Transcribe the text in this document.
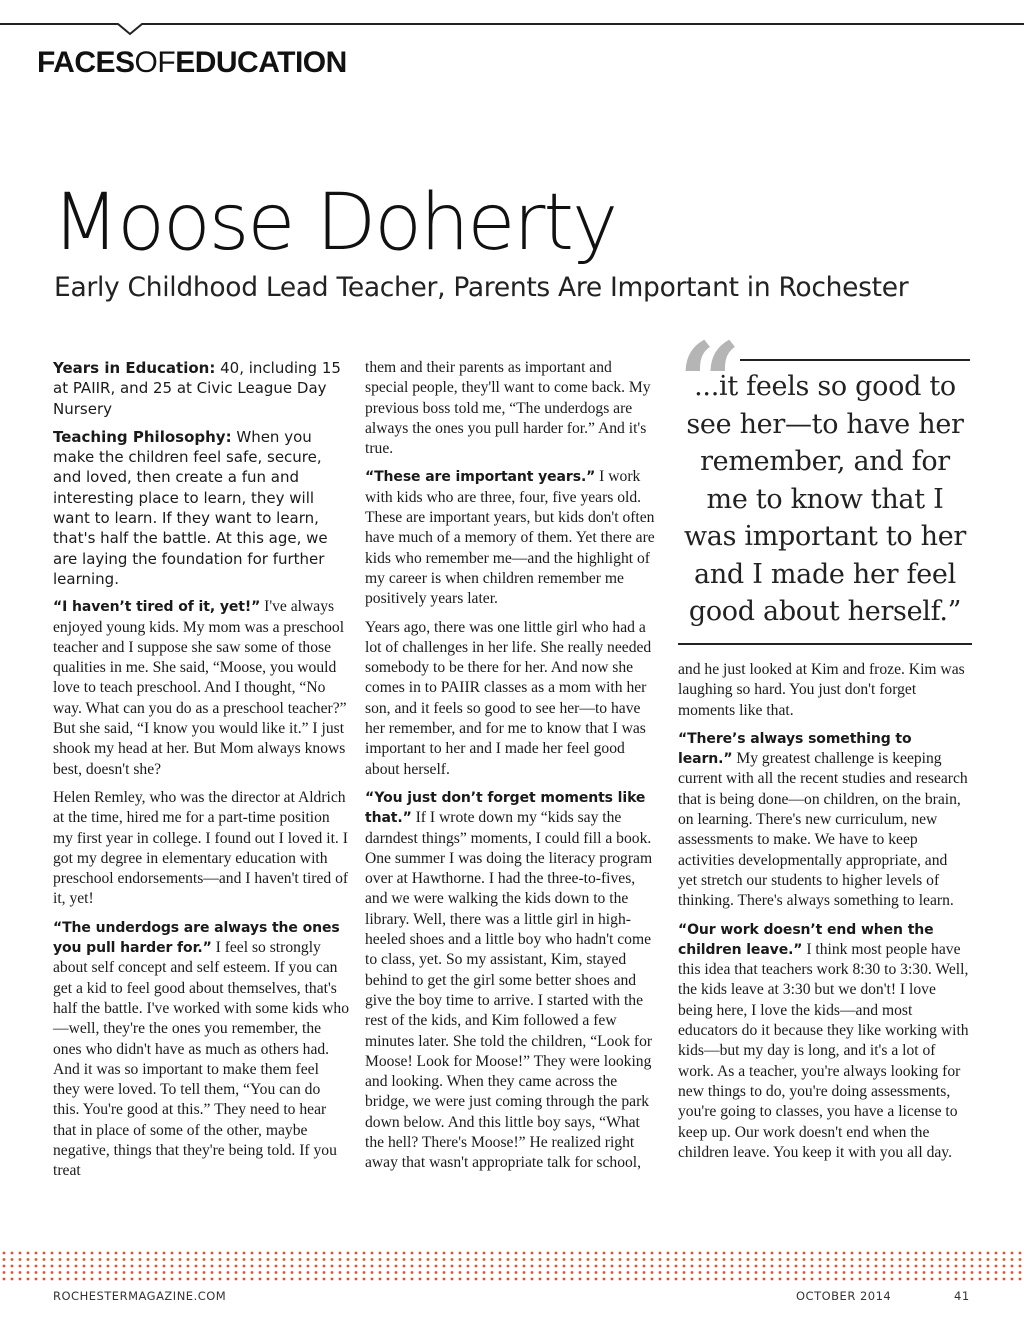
FACESOFEDUCATION
Moose Doherty
Early Childhood Lead Teacher, Parents Are Important in Rochester

Years in Education: 40, including 15 at PAIIR, and 25 at Civic League Day Nursery

Teaching Philosophy: When you make the children feel safe, secure, and loved, then create a fun and interesting place to learn, they will want to learn. If they want to learn, that's half the battle. At this age, we are laying the foundation for further learning.

“I haven’t tired of it, yet!” I've always enjoyed young kids. My mom was a preschool teacher and I suppose she saw some of those qualities in me. She said, “Moose, you would love to teach preschool. And I thought, “No way. What can you do as a preschool teacher?” But she said, “I know you would like it.” I just shook my head at her. But Mom always knows best, doesn't she?

Helen Remley, who was the director at Aldrich at the time, hired me for a part-time position my first year in college. I found out I loved it. I got my degree in elementary education with preschool endorsements—and I haven't tired of it, yet!

“The underdogs are always the ones you pull harder for.” I feel so strongly about self concept and self esteem. If you can get a kid to feel good about themselves, that's half the battle. I've worked with some kids who—well, they're the ones you remember, the ones who didn't have as much as others had. And it was so important to make them feel they were loved. To tell them, “You can do this. You're good at this.” They need to hear that in place of some of the other, maybe negative, things that they're being told. If you treat

them and their parents as important and special people, they'll want to come back. My previous boss told me, “The underdogs are always the ones you pull harder for.” And it's true.

“These are important years.” I work with kids who are three, four, five years old. These are important years, but kids don't often have much of a memory of them. Yet there are kids who remember me—and the highlight of my career is when children remember me positively years later.

Years ago, there was one little girl who had a lot of challenges in her life. She really needed somebody to be there for her. And now she comes in to PAIIR classes as a mom with her son, and it feels so good to see her—to have her remember, and for me to know that I was important to her and I made her feel good about herself.

“You just don’t forget moments like that.” If I wrote down my “kids say the darndest things” moments, I could fill a book. One summer I was doing the literacy program over at Hawthorne. I had the three-to-fives, and we were walking the kids down to the library. Well, there was a little girl in high-heeled shoes and a little boy who hadn't come to class, yet. So my assistant, Kim, stayed behind to get the girl some better shoes and give the boy time to arrive. I started with the rest of the kids, and Kim followed a few minutes later. She told the children, “Look for Moose! Look for Moose!” They were looking and looking. When they came across the bridge, we were just coming through the park down below. And this little boy says, “What the hell? There's Moose!” He realized right away that wasn't appropriate talk for school,

“
...it feels so good to see her—to have her remember, and for me to know that I was important to her and I made her feel good about herself.”

and he just looked at Kim and froze. Kim was laughing so hard. You just don't forget moments like that.

“There’s always something to learn.” My greatest challenge is keeping current with all the recent studies and research that is being done—on children, on the brain, on learning. There's new curriculum, new assessments to make. We have to keep activities developmentally appropriate, and yet stretch our students to higher levels of thinking. There's always something to learn.

“Our work doesn’t end when the children leave.” I think most people have this idea that teachers work 8:30 to 3:30. Well, the kids leave at 3:30 but we don't! I love being here, I love the kids—and most educators do it because they like working with kids—but my day is long, and it's a lot of work. As a teacher, you're always looking for new things to do, you're doing assessments, you're going to classes, you have a license to keep up. Our work doesn't end when the children leave. You keep it with you all day.

ROCHESTERMAGAZINE.COM	OCTOBER 2014	41
